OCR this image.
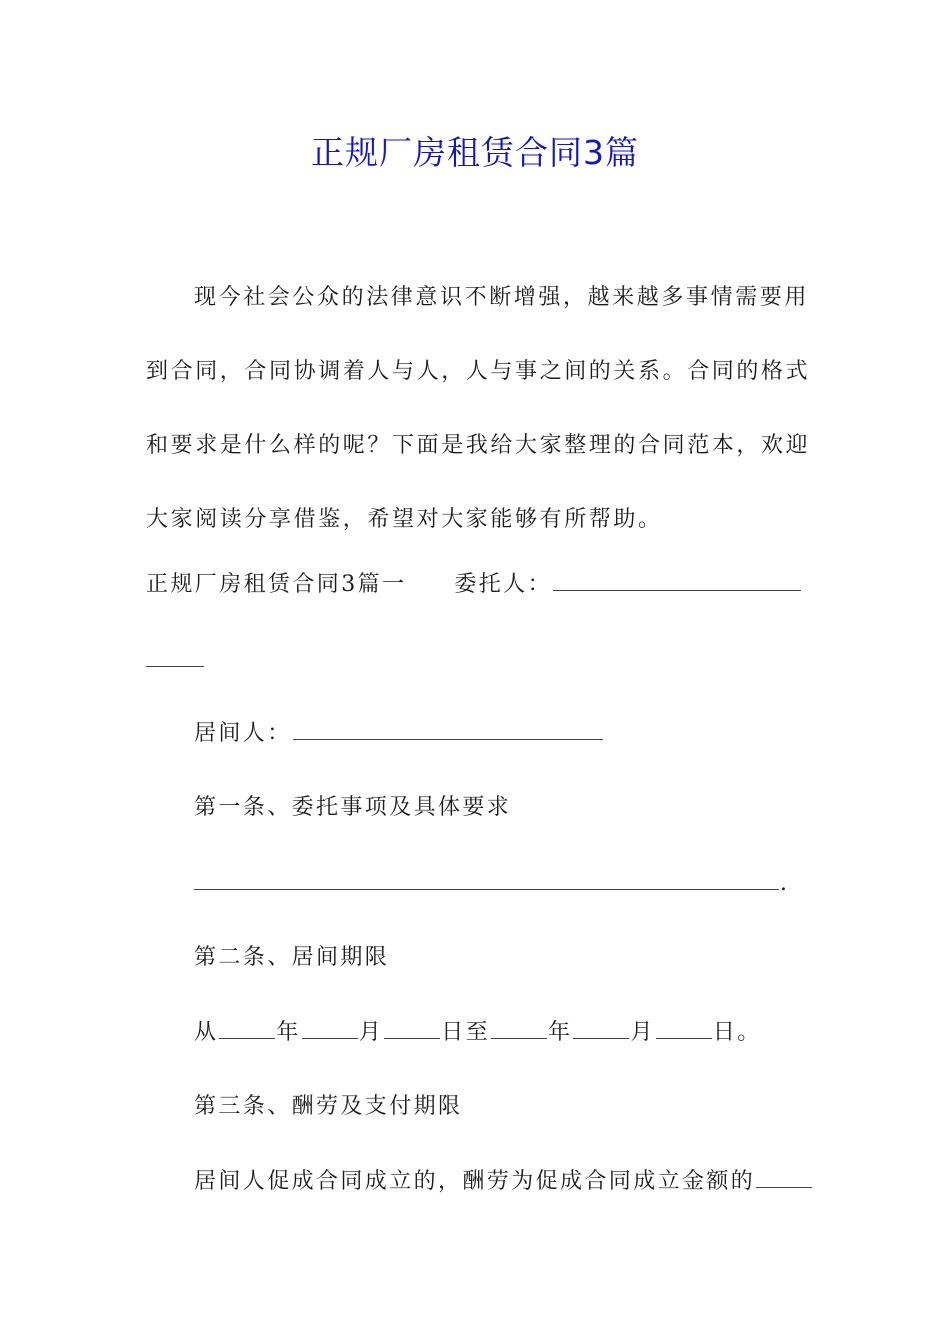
正规厂房租赁合同3篇

现今社会公众的法律意识不断增强，越来越多事情需要用到合同，合同协调着人与人，人与事之间的关系。合同的格式和要求是什么样的呢？下面是我给大家整理的合同范本，欢迎大家阅读分享借鉴，希望对大家能够有所帮助。

正规厂房租赁合同3篇一 委托人：

居间人：

第一条、委托事项及具体要求

.

第二条、居间期限

从	年	月	日至	年	月	日。

第三条、酬劳及支付期限

居间人促成合同成立的，酬劳为促成合同成立金额的
